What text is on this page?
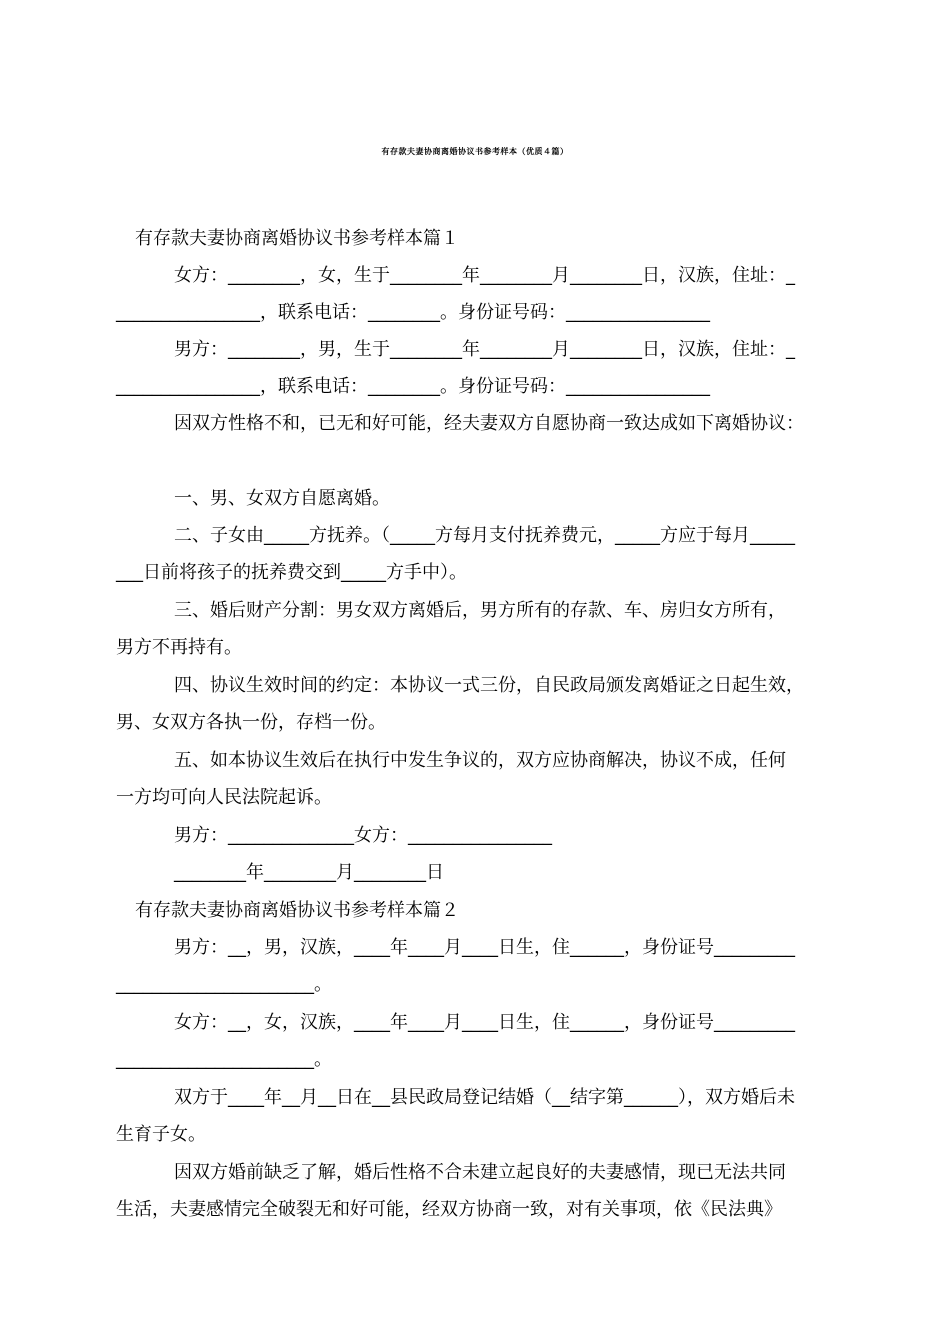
有存款夫妻协商离婚协议书参考样本（优质４篇）
有存款夫妻协商离婚协议书参考样本篇１
女方：________，女，生于________年________月________日，汉族，住址：_
________________，联系电话：________。身份证号码：________________
男方：________，男，生于________年________月________日，汉族，住址：_
________________，联系电话：________。身份证号码：________________
因双方性格不和，已无和好可能，经夫妻双方自愿协商一致达成如下离婚协议：
一、男、女双方自愿离婚。
二、子女由_____方抚养。（_____方每月支付抚养费元，_____方应于每月_____
___日前将孩子的抚养费交到_____方手中）。
三、婚后财产分割：男女双方离婚后，男方所有的存款、车、房归女方所有，
男方不再持有。
四、协议生效时间的约定：本协议一式三份，自民政局颁发离婚证之日起生效，
男、女双方各执一份，存档一份。
五、如本协议生效后在执行中发生争议的，双方应协商解决，协议不成，任何
一方均可向人民法院起诉。
男方：______________女方：________________
________年________月________日
有存款夫妻协商离婚协议书参考样本篇２
男方：__，男，汉族，____年____月____日生，住______，身份证号_________
______________________。
女方：__，女，汉族，____年____月____日生，住______，身份证号_________
______________________。
双方于____年__月__日在__县民政局登记结婚（__结字第______），双方婚后未
生育子女。
因双方婚前缺乏了解，婚后性格不合未建立起良好的夫妻感情，现已无法共同
生活，夫妻感情完全破裂无和好可能，经双方协商一致，对有关事项，依《民法典》
